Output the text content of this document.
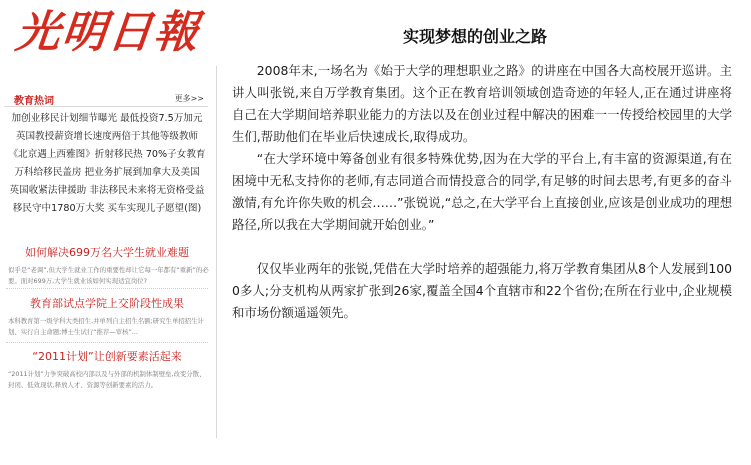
光明日報
教育热词	更多>>
加创业移民计划细节曝光 最低投资7.5万加元
英国教授薪资增长速度两倍于其他等级教师
《北京遇上西雅图》折射移民热 70%子女教育
万科给移民盖房 把业务扩展到加拿大及美国
英国收紧法律援助 非法移民未来将无资格受益
移民守中1780万大奖 买车实现儿子愿望(图)
如何解决699万名大学生就业难题
似乎是“老调”,但大学生就业工作的重要性却让它每一年都有“重新”的必要。面对699万,大学生就业该如何实现适宜岗位?
教育部试点学院上交阶段性成果
本科教育第一级学科大类招生,并单列自主招生名额;研究生单招招生计划、实行自主命题;博士生试行“推荐—审核”...
“2011计划”让创新要素活起来
“2011计划”力争突破高校内部以及与外部的机制体制壁垒,改变分散、封闭、低效现状,释放人才、资源等创新要素的活力。
实现梦想的创业之路

2008年末,一场名为《始于大学的理想职业之路》的讲座在中国各大高校展开巡讲。主讲人叫张锐,来自万学教育集团。这个正在教育培训领域创造奇迹的年轻人,正在通过讲座将自己在大学期间培养职业能力的方法以及在创业过程中解决的困难一一传授给校园里的大学生们,帮助他们在毕业后快速成长,取得成功。

“在大学环境中筹备创业有很多特殊优势,因为在大学的平台上,有丰富的资源渠道,有在困境中无私支持你的老师,有志同道合而情投意合的同学,有足够的时间去思考,有更多的奋斗激情,有允许你失败的机会……”张锐说,“总之,在大学平台上直接创业,应该是创业成功的理想路径,所以我在大学期间就开始创业。”

仅仅毕业两年的张锐,凭借在大学时培养的超强能力,将万学教育集团从8个人发展到1000多人;分支机构从两家扩张到26家,覆盖全国4个直辖市和22个省份;在所在行业中,企业规模和市场份额遥遥领先。
